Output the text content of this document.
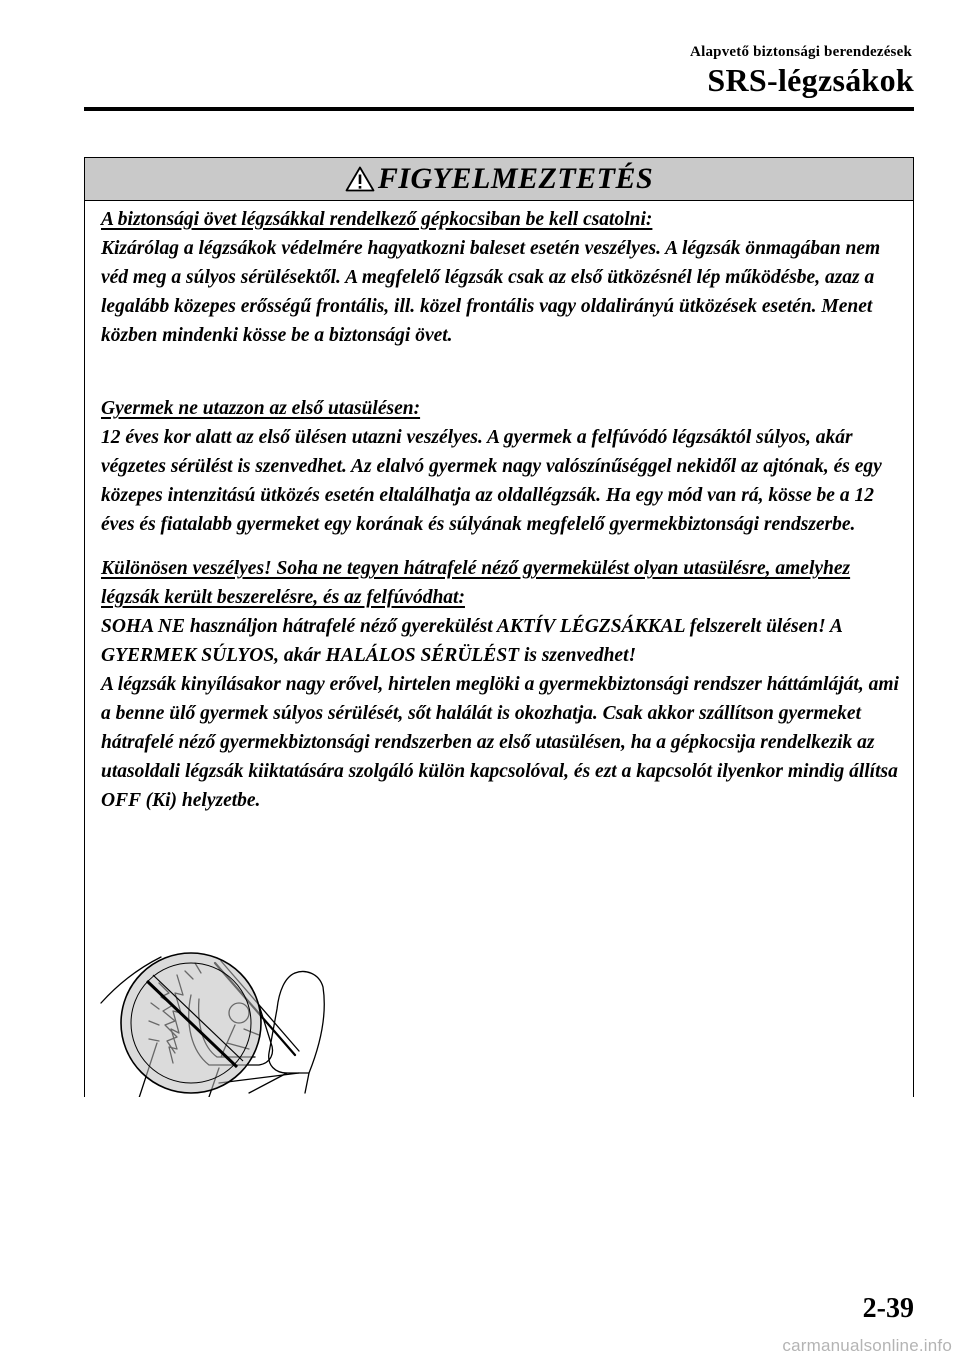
Alapvető biztonsági berendezések
SRS-légzsákok
FIGYELMEZTETÉS

A biztonsági övet légzsákkal rendelkező gépkocsiban be kell csatolni:

Kizárólag a légzsákok védelmére hagyatkozni baleset esetén veszélyes. A légzsák önmagában nem véd meg a súlyos sérülésektől. A megfelelő légzsák csak az első ütközésnél lép működésbe, azaz a legalább közepes erősségű frontális, ill. közel frontális vagy oldalirányú ütközések esetén. Menet közben mindenki kösse be a biztonsági övet.

Gyermek ne utazzon az első utasülésen:

12 éves kor alatt az első ülésen utazni veszélyes. A gyermek a felfúvódó légzsáktól súlyos, akár végzetes sérülést is szenvedhet. Az elalvó gyermek nagy valószínűséggel nekidől az ajtónak, és egy közepes intenzitású ütközés esetén eltalálhatja az oldallégzsák. Ha egy mód van rá, kösse be a 12 éves és fiatalabb gyermeket egy korának és súlyának megfelelő gyermekbiztonsági rendszerbe.

Különösen veszélyes! Soha ne tegyen hátrafelé néző gyermekülést olyan utasülésre, amelyhez légzsák került beszerelésre, és az felfúvódhat:

SOHA NE használjon hátrafelé néző gyerekülést AKTÍV LÉGZSÁKKAL felszerelt ülésen! A GYERMEK SÚLYOS, akár HALÁLOS SÉRÜLÉST is szenvedhet!

A légzsák kinyílásakor nagy erővel, hirtelen meglöki a gyermekbiztonsági rendszer háttámláját, ami a benne ülő gyermek súlyos sérülését, sőt halálát is okozhatja. Csak akkor szállítson gyermeket hátrafelé néző gyermekbiztonsági rendszerben az első utasülésen, ha a gépkocsija rendelkezik az utasoldali légzsák kiiktatására szolgáló külön kapcsolóval, és ezt a kapcsolót ilyenkor mindig állítsa OFF (Ki) helyzetbe.

2-39
carmanualsonline.info
